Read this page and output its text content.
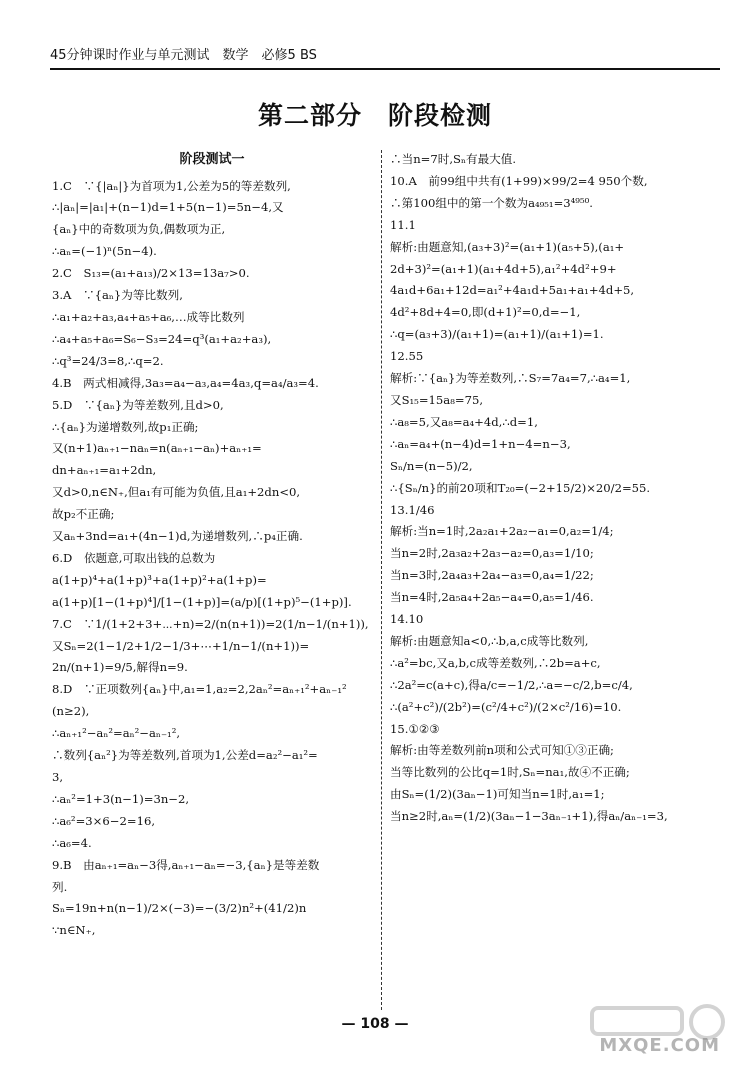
45分钟课时作业与单元测试　数学　必修5 BS
第二部分　阶段检测
阶段测试一
1.C　∵{|aₙ|}为首项为1,公差为5的等差数列,
∴|aₙ|=|a₁|+(n−1)d=1+5(n−1)=5n−4,又
{aₙ}中的奇数项为负,偶数项为正,
∴aₙ=(−1)ⁿ(5n−4).
2.C　S₁₃=(a₁+a₁₃)/2×13=13a₇>0.
3.A　∵{aₙ}为等比数列,
∴a₁+a₂+a₃,a₄+a₅+a₆,…成等比数列
∴a₄+a₅+a₆=S₆−S₃=24=q³(a₁+a₂+a₃),
∴q³=24/3=8,∴q=2.
4.B　两式相减得,3a₃=a₄−a₃,a₄=4a₃,q=a₄/a₃=4.
5.D　∵{aₙ}为等差数列,且d>0,
∴{aₙ}为递增数列,故p₁正确;
又(n+1)aₙ₊₁−naₙ=n(aₙ₊₁−aₙ)+aₙ₊₁=
dn+aₙ₊₁=a₁+2dn,
又d>0,n∈N₊,但a₁有可能为负值,且a₁+2dn<0,
故p₂不正确;
又aₙ+3nd=a₁+(4n−1)d,为递增数列,∴p₄正确.
6.D　依题意,可取出钱的总数为
a(1+p)⁴+a(1+p)³+a(1+p)²+a(1+p)=
a(1+p)[1−(1+p)⁴]/[1−(1+p)]=(a/p)[(1+p)⁵−(1+p)].
7.C　∵1/(1+2+3+⋯+n)=2/(n(n+1))=2(1/n−1/(n+1)),
又Sₙ=2(1−1/2+1/2−1/3+⋯+1/n−1/(n+1))=
2n/(n+1)=9/5,解得n=9.
8.D　∵正项数列{aₙ}中,a₁=1,a₂=2,2aₙ²=aₙ₊₁²+aₙ₋₁²
(n≥2),
∴aₙ₊₁²−aₙ²=aₙ²−aₙ₋₁²,
∴数列{aₙ²}为等差数列,首项为1,公差d=a₂²−a₁²=
3,
∴aₙ²=1+3(n−1)=3n−2,
∴a₆²=3×6−2=16,
∴a₆=4.
9.B　由aₙ₊₁=aₙ−3得,aₙ₊₁−aₙ=−3,{aₙ}是等差数
列.
Sₙ=19n+n(n−1)/2×(−3)=−(3/2)n²+(41/2)n
∵n∈N₊,
∴当n=7时,Sₙ有最大值.
10.A　前99组中共有(1+99)×99/2=4 950个数,
∴第100组中的第一个数为a₄₉₅₁=3⁴⁹⁵⁰.
11.1
解析:由题意知,(a₃+3)²=(a₁+1)(a₅+5),(a₁+
2d+3)²=(a₁+1)(a₁+4d+5),a₁²+4d²+9+
4a₁d+6a₁+12d=a₁²+4a₁d+5a₁+a₁+4d+5,
4d²+8d+4=0,即(d+1)²=0,d=−1,
∴q=(a₃+3)/(a₁+1)=(a₁+1)/(a₁+1)=1.
12.55
解析:∵{aₙ}为等差数列,∴S₇=7a₄=7,∴a₄=1,
又S₁₅=15a₈=75,
∴a₈=5,又a₈=a₄+4d,∴d=1,
∴aₙ=a₄+(n−4)d=1+n−4=n−3,
Sₙ/n=(n−5)/2,
∴{Sₙ/n}的前20项和T₂₀=(−2+15/2)×20/2=55.
13.1/46
解析:当n=1时,2a₂a₁+2a₂−a₁=0,a₂=1/4;
当n=2时,2a₃a₂+2a₃−a₂=0,a₃=1/10;
当n=3时,2a₄a₃+2a₄−a₃=0,a₄=1/22;
当n=4时,2a₅a₄+2a₅−a₄=0,a₅=1/46.
14.10
解析:由题意知a<0,∴b,a,c成等比数列,
∴a²=bc,又a,b,c成等差数列,∴2b=a+c,
∴2a²=c(a+c),得a/c=−1/2,∴a=−c/2,b=c/4,
∴(a²+c²)/(2b²)=(c²/4+c²)/(2×c²/16)=10.
15.①②③
解析:由等差数列前n项和公式可知①③正确;
当等比数列的公比q=1时,Sₙ=na₁,故④不正确;
由Sₙ=(1/2)(3aₙ−1)可知当n=1时,a₁=1;
当n≥2时,aₙ=(1/2)(3aₙ−1−3aₙ₋₁+1),得aₙ/aₙ₋₁=3,
— 108 —
MXQE.COM
